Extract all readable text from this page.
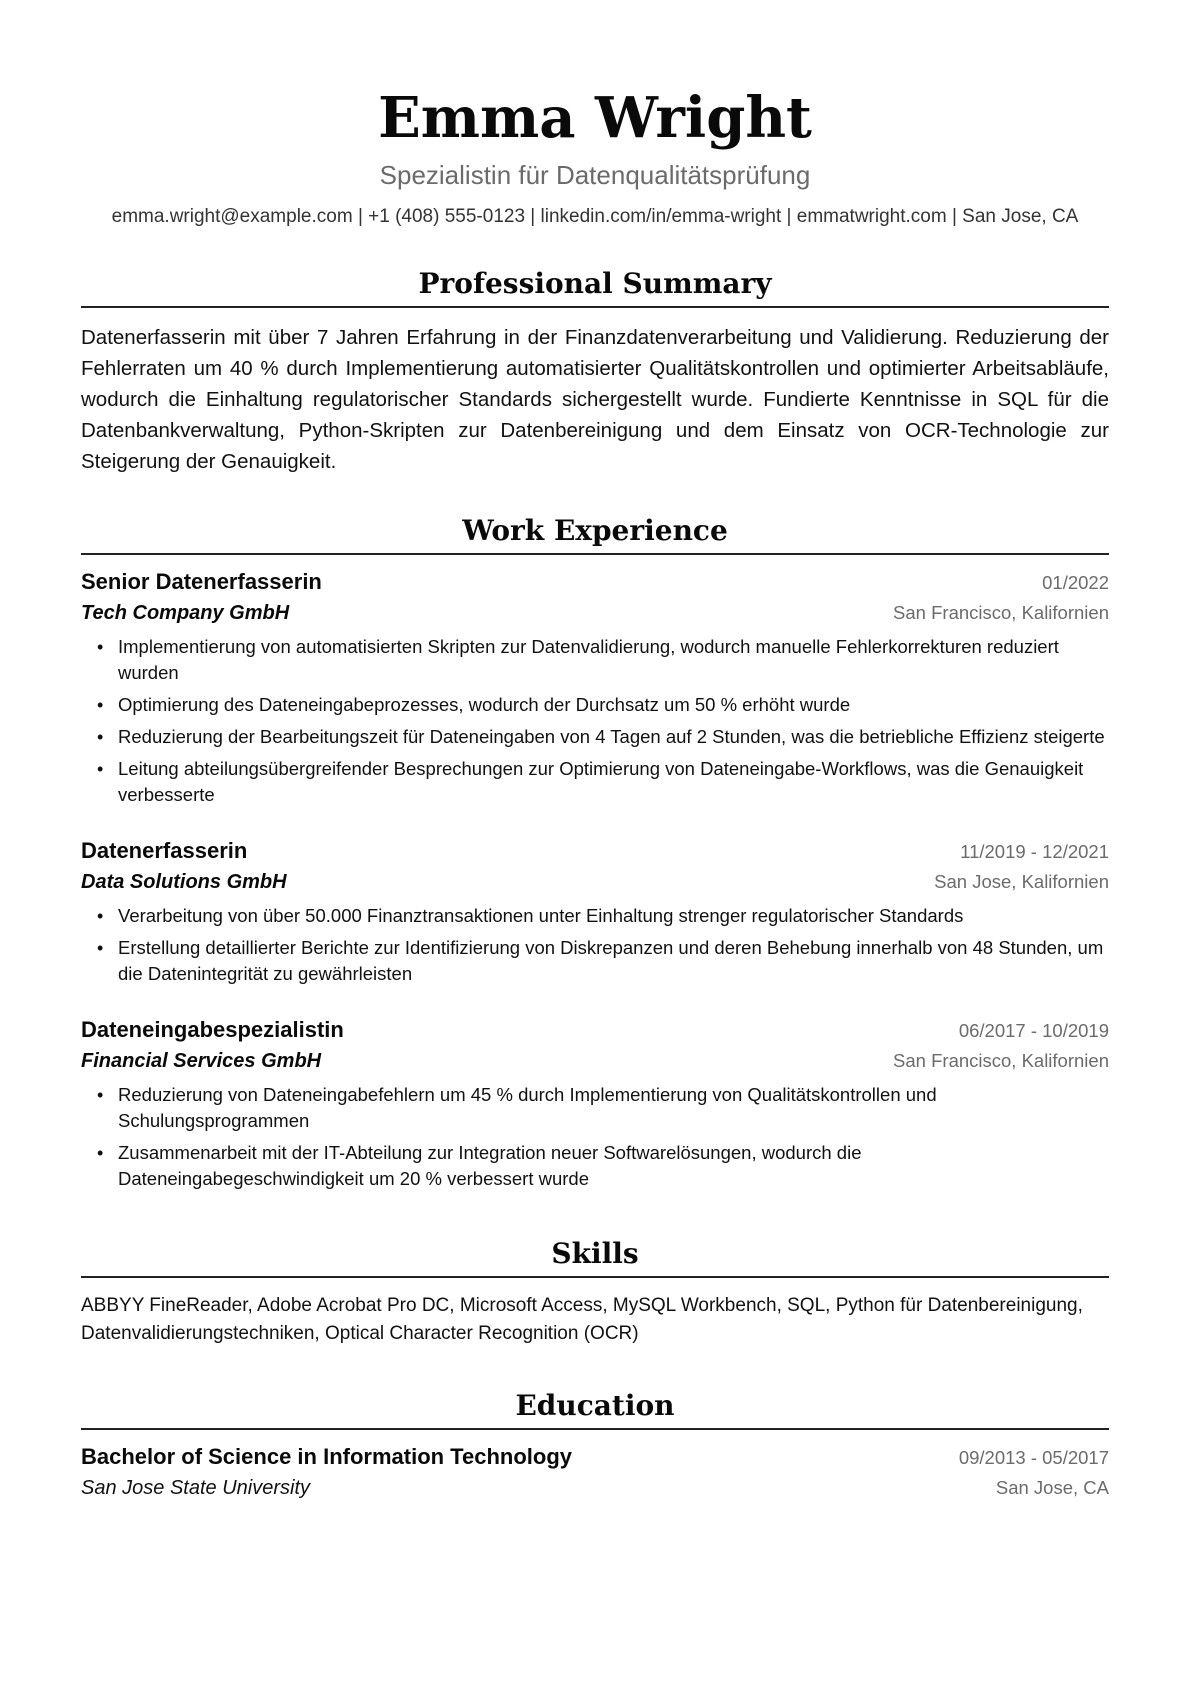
Emma Wright
Spezialistin für Datenqualitätsprüfung
emma.wright@example.com | +1 (408) 555-0123 | linkedin.com/in/emma-wright | emmatwright.com | San Jose, CA
Professional Summary
Datenerfasserin mit über 7 Jahren Erfahrung in der Finanzdatenverarbeitung und Validierung. Reduzierung der Fehlerraten um 40 % durch Implementierung automatisierter Qualitätskontrollen und optimierter Arbeitsabläufe, wodurch die Einhaltung regulatorischer Standards sichergestellt wurde. Fundierte Kenntnisse in SQL für die Datenbankverwaltung, Python-Skripten zur Datenbereinigung und dem Einsatz von OCR-Technologie zur Steigerung der Genauigkeit.
Work Experience
Senior Datenerfasserin	01/2022
Tech Company GmbH	San Francisco, Kalifornien
• Implementierung von automatisierten Skripten zur Datenvalidierung, wodurch manuelle Fehlerkorrekturen reduziert wurden
• Optimierung des Dateneingabeprozesses, wodurch der Durchsatz um 50 % erhöht wurde
• Reduzierung der Bearbeitungszeit für Dateneingaben von 4 Tagen auf 2 Stunden, was die betriebliche Effizienz steigerte
• Leitung abteilungsübergreifender Besprechungen zur Optimierung von Dateneingabe-Workflows, was die Genauigkeit verbesserte
Datenerfasserin	11/2019 - 12/2021
Data Solutions GmbH	San Jose, Kalifornien
• Verarbeitung von über 50.000 Finanztransaktionen unter Einhaltung strenger regulatorischer Standards
• Erstellung detaillierter Berichte zur Identifizierung von Diskrepanzen und deren Behebung innerhalb von 48 Stunden, um die Datenintegrität zu gewährleisten
Dateneingabespezialistin	06/2017 - 10/2019
Financial Services GmbH	San Francisco, Kalifornien
• Reduzierung von Dateneingabefehlern um 45 % durch Implementierung von Qualitätskontrollen und Schulungsprogrammen
• Zusammenarbeit mit der IT-Abteilung zur Integration neuer Softwarelösungen, wodurch die Dateneingabegeschwindigkeit um 20 % verbessert wurde
Skills
ABBYY FineReader, Adobe Acrobat Pro DC, Microsoft Access, MySQL Workbench, SQL, Python für Datenbereinigung, Datenvalidierungstechniken, Optical Character Recognition (OCR)
Education
Bachelor of Science in Information Technology	09/2013 - 05/2017
San Jose State University	San Jose, CA
